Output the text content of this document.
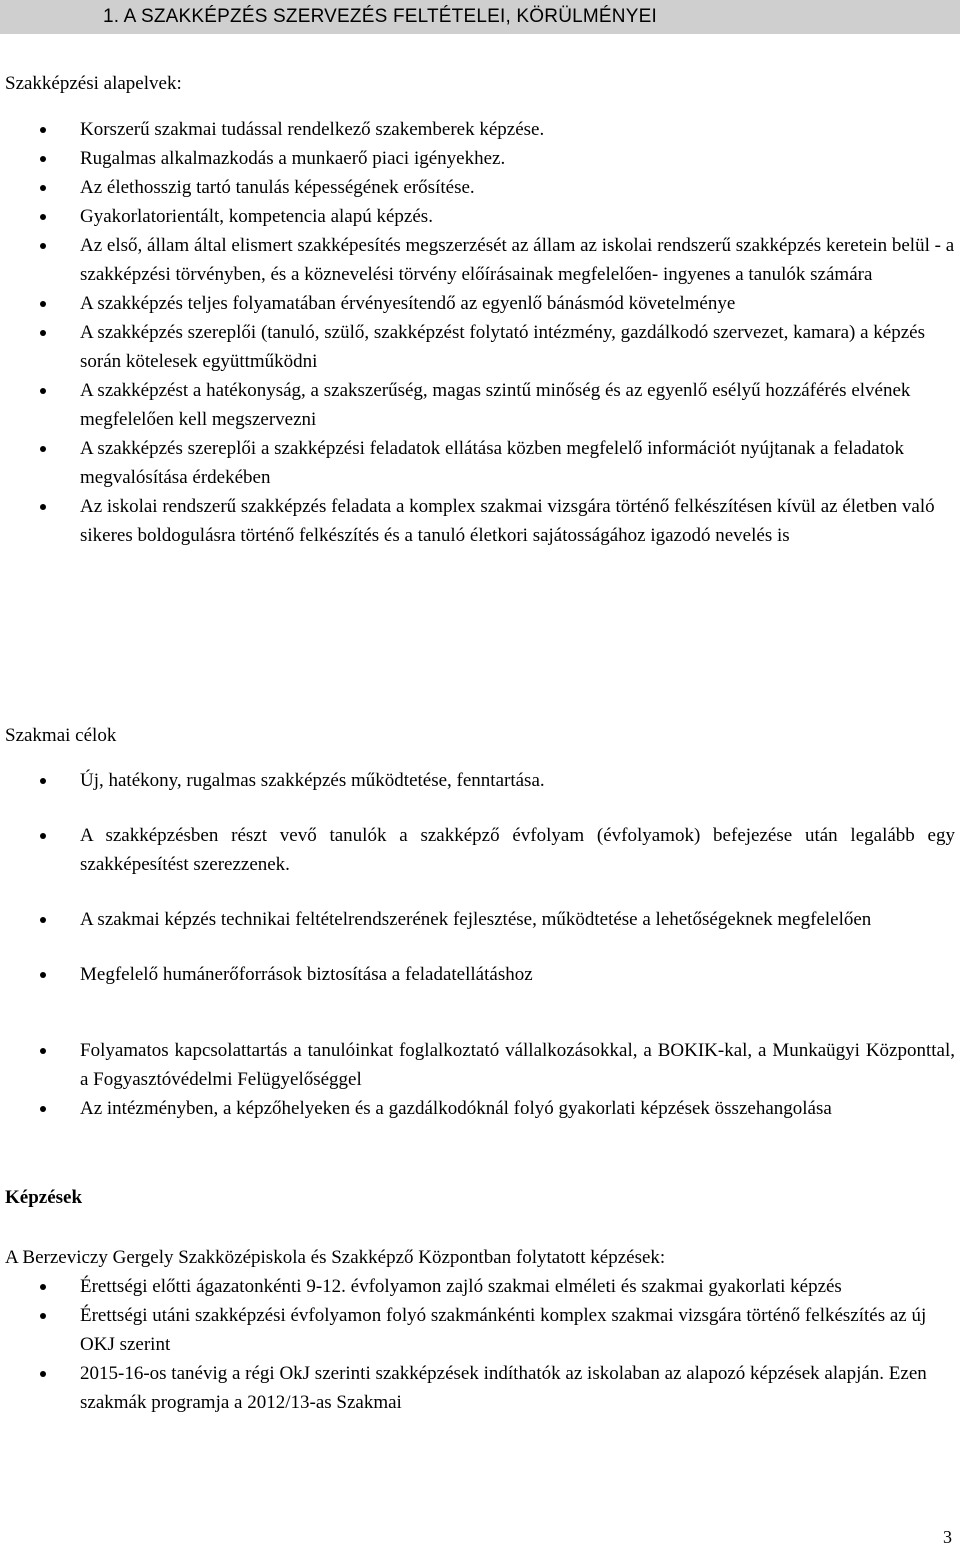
1. A SZAKKÉPZÉS SZERVEZÉS FELTÉTELEI, KÖRÜLMÉNYEI
Szakképzési alapelvek:
Korszerű szakmai tudással rendelkező szakemberek képzése.
Rugalmas alkalmazkodás a munkaerő piaci igényekhez.
Az élethosszig tartó tanulás képességének erősítése.
Gyakorlatorientált, kompetencia alapú képzés.
Az első, állam által elismert szakképesítés megszerzését az állam az iskolai rendszerű szakképzés keretein belül - a szakképzési törvényben, és a köznevelési törvény előírásainak megfelelően- ingyenes a tanulók számára
A szakképzés teljes folyamatában érvényesítendő az egyenlő bánásmód követelménye
A szakképzés szereplői (tanuló, szülő, szakképzést folytató intézmény, gazdálkodó szervezet, kamara) a képzés során kötelesek együttműködni
A szakképzést a hatékonyság, a szakszerűség, magas szintű minőség és az egyenlő esélyű hozzáférés elvének megfelelően kell megszervezni
A szakképzés szereplői a szakképzési feladatok ellátása közben megfelelő információt nyújtanak a feladatok megvalósítása érdekében
Az iskolai rendszerű szakképzés feladata a komplex szakmai vizsgára történő felkészítésen kívül az életben való sikeres boldogulásra történő felkészítés és a tanuló életkori sajátosságához igazodó nevelés is
Szakmai célok
Új, hatékony, rugalmas szakképzés működtetése, fenntartása.
A szakképzésben részt vevő tanulók a szakképző évfolyam (évfolyamok) befejezése után legalább egy szakképesítést szerezzenek.
A szakmai képzés technikai feltételrendszerének fejlesztése, működtetése a lehetőségeknek megfelelően
Megfelelő humánerőforrások biztosítása a feladatellátáshoz
Folyamatos kapcsolattartás a tanulóinkat foglalkoztató vállalkozásokkal, a BOKIK-kal, a Munkaügyi Központtal, a Fogyasztóvédelmi Felügyelőséggel
Az intézményben, a képzőhelyeken és a gazdálkodóknál folyó gyakorlati képzések összehangolása
Képzések
A Berzeviczy Gergely Szakközépiskola és Szakképző Központban folytatott képzések:
Érettségi előtti ágazatonkénti 9-12. évfolyamon zajló szakmai elméleti és szakmai gyakorlati képzés
Érettségi utáni szakképzési évfolyamon folyó szakmánkénti komplex szakmai vizsgára történő felkészítés az új OKJ szerint
2015-16-os tanévig a régi OkJ szerinti szakképzések indíthatók az iskolaban az alapozó képzések alapján. Ezen szakmák programja a 2012/13-as Szakmai
3
